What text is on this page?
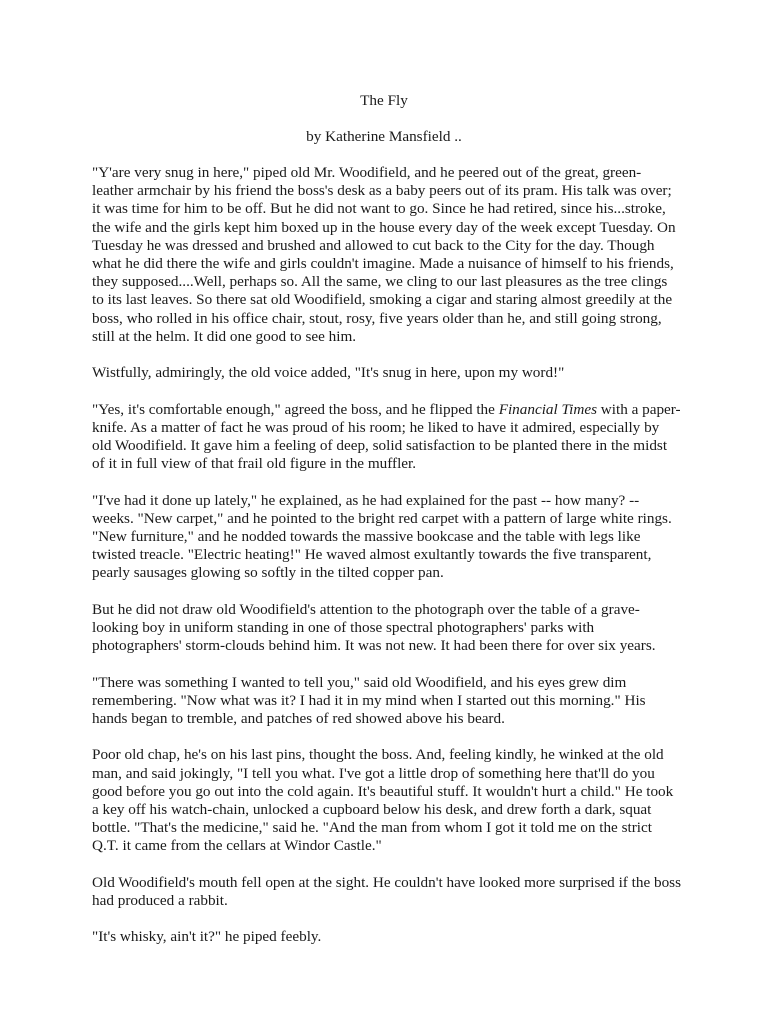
The Fly

by Katherine Mansfield ..

"Y'are very snug in here," piped old Mr. Woodifield, and he peered out of the great, green-leather armchair by his friend the boss's desk as a baby peers out of its pram. His talk was over; it was time for him to be off. But he did not want to go. Since he had retired, since his...stroke, the wife and the girls kept him boxed up in the house every day of the week except Tuesday. On Tuesday he was dressed and brushed and allowed to cut back to the City for the day. Though what he did there the wife and girls couldn't imagine. Made a nuisance of himself to his friends, they supposed....Well, perhaps so. All the same, we cling to our last pleasures as the tree clings to its last leaves. So there sat old Woodifield, smoking a cigar and staring almost greedily at the boss, who rolled in his office chair, stout, rosy, five years older than he, and still going strong, still at the helm. It did one good to see him.

Wistfully, admiringly, the old voice added, "It's snug in here, upon my word!"

"Yes, it's comfortable enough," agreed the boss, and he flipped the Financial Times with a paper-knife. As a matter of fact he was proud of his room; he liked to have it admired, especially by old Woodifield. It gave him a feeling of deep, solid satisfaction to be planted there in the midst of it in full view of that frail old figure in the muffler.

"I've had it done up lately," he explained, as he had explained for the past -- how many? -- weeks. "New carpet," and he pointed to the bright red carpet with a pattern of large white rings. "New furniture," and he nodded towards the massive bookcase and the table with legs like twisted treacle. "Electric heating!" He waved almost exultantly towards the five transparent, pearly sausages glowing so softly in the tilted copper pan.

But he did not draw old Woodifield's attention to the photograph over the table of a grave-looking boy in uniform standing in one of those spectral photographers' parks with photographers' storm-clouds behind him. It was not new. It had been there for over six years.

"There was something I wanted to tell you," said old Woodifield, and his eyes grew dim remembering. "Now what was it? I had it in my mind when I started out this morning." His hands began to tremble, and patches of red showed above his beard.

Poor old chap, he's on his last pins, thought the boss. And, feeling kindly, he winked at the old man, and said jokingly, "I tell you what. I've got a little drop of something here that'll do you good before you go out into the cold again. It's beautiful stuff. It wouldn't hurt a child." He took a key off his watch-chain, unlocked a cupboard below his desk, and drew forth a dark, squat bottle. "That's the medicine," said he. "And the man from whom I got it told me on the strict Q.T. it came from the cellars at Windor Castle."

Old Woodifield's mouth fell open at the sight. He couldn't have looked more surprised if the boss had produced a rabbit.

"It's whisky, ain't it?" he piped feebly.
